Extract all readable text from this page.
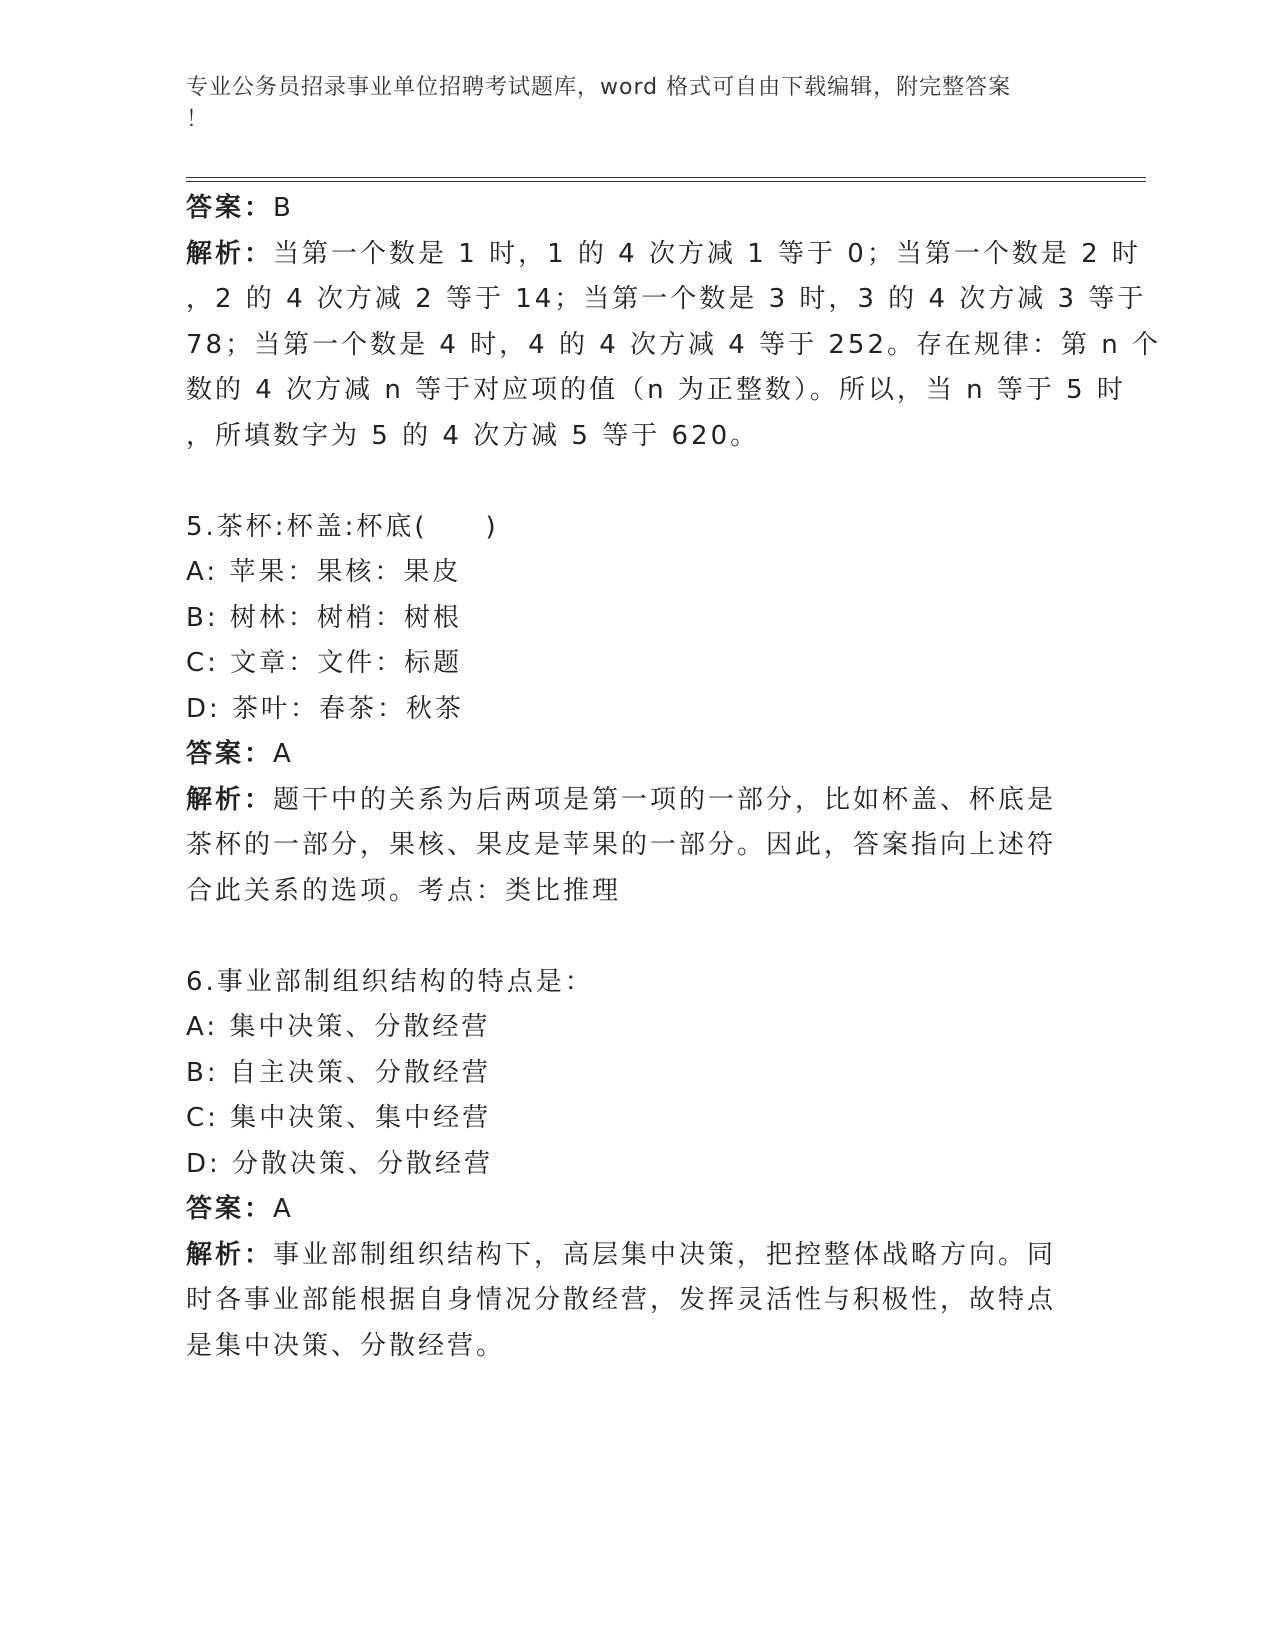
专业公务员招录事业单位招聘考试题库，word 格式可自由下载编辑，附完整答案
！
答案：B
解析：当第一个数是 1 时，1 的 4 次方减 1 等于 0；当第一个数是 2 时
，2 的 4 次方减 2 等于 14；当第一个数是 3 时，3 的 4 次方减 3 等于
78；当第一个数是 4 时，4 的 4 次方减 4 等于 252。存在规律：第 n 个
数的 4 次方减 n 等于对应项的值（n 为正整数）。所以，当 n 等于 5 时
，所填数字为 5 的 4 次方减 5 等于 620。
5.茶杯:杯盖:杯底(　　)
A: 苹果：果核：果皮
B: 树林：树梢：树根
C: 文章：文件：标题
D: 茶叶：春茶：秋茶
答案：A
解析：题干中的关系为后两项是第一项的一部分，比如杯盖、杯底是
茶杯的一部分，果核、果皮是苹果的一部分。因此，答案指向上述符
合此关系的选项。考点：类比推理
6.事业部制组织结构的特点是：
A: 集中决策、分散经营
B: 自主决策、分散经营
C: 集中决策、集中经营
D: 分散决策、分散经营
答案：A
解析：事业部制组织结构下，高层集中决策，把控整体战略方向。同
时各事业部能根据自身情况分散经营，发挥灵活性与积极性，故特点
是集中决策、分散经营。
